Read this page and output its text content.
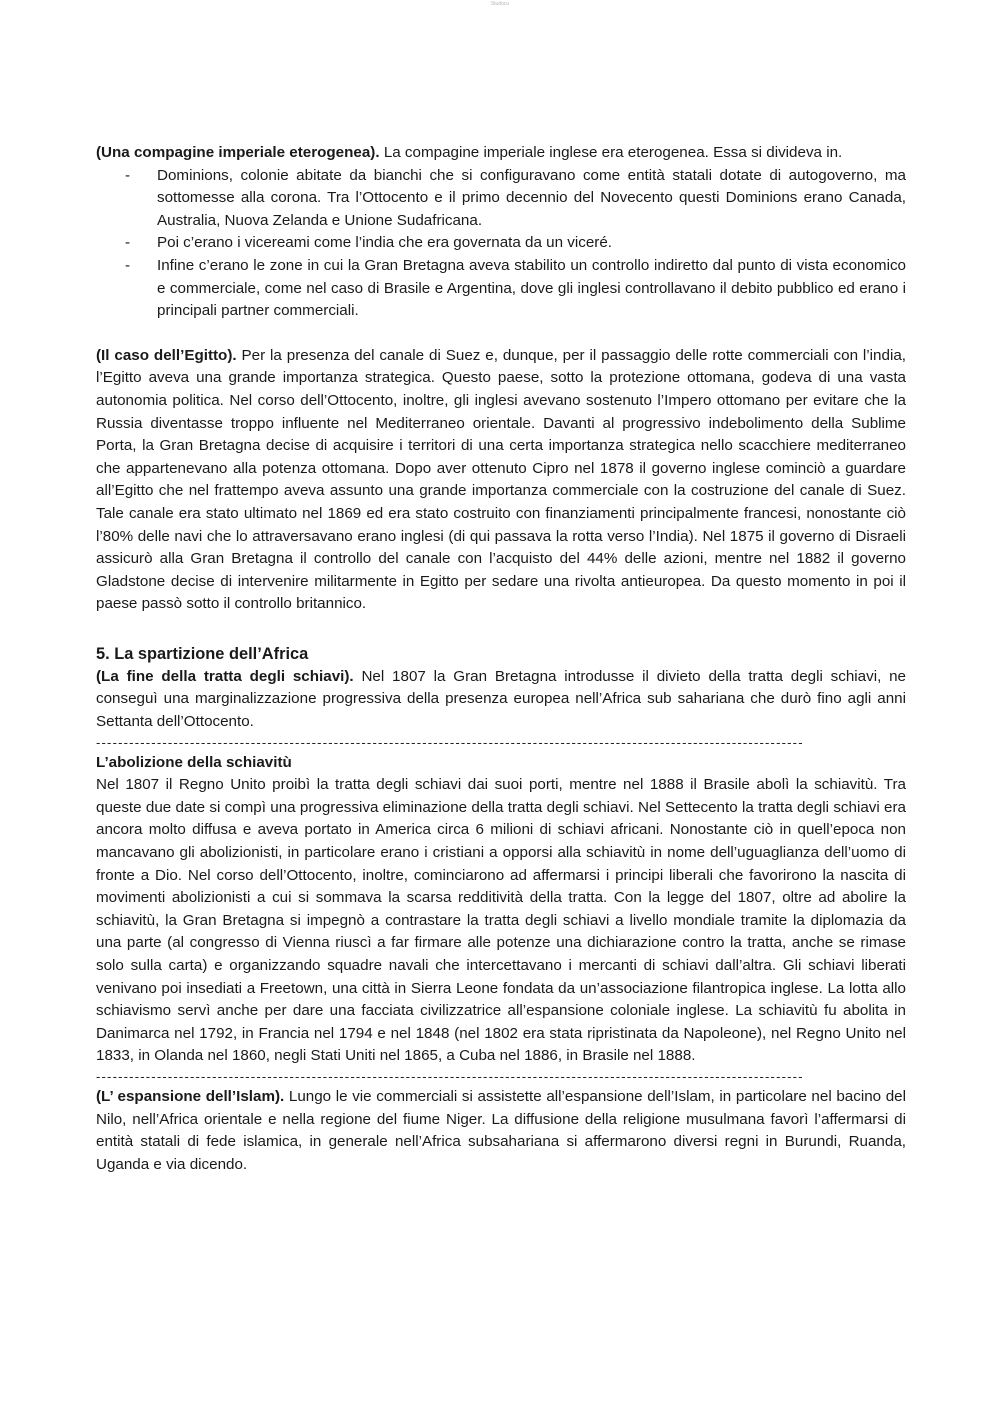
Studocu

(Una compagine imperiale eterogenea). La compagine imperiale inglese era eterogenea. Essa si divideva in.

- Dominions, colonie abitate da bianchi che si configuravano come entità statali dotate di autogoverno, ma sottomesse alla corona. Tra l’Ottocento e il primo decennio del Novecento questi Dominions erano Canada, Australia, Nuova Zelanda e Unione Sudafricana.
- Poi c’erano i vicereami come l’india che era governata da un viceré.
- Infine c’erano le zone in cui la Gran Bretagna aveva stabilito un controllo indiretto dal punto di vista economico e commerciale, come nel caso di Brasile e Argentina, dove gli inglesi controllavano il debito pubblico ed erano i principali partner commerciali.

(Il caso dell’Egitto). Per la presenza del canale di Suez e, dunque, per il passaggio delle rotte commerciali con l’india, l’Egitto aveva una grande importanza strategica. Questo paese, sotto la protezione ottomana, godeva di una vasta autonomia politica. Nel corso dell’Ottocento, inoltre, gli inglesi avevano sostenuto l’Impero ottomano per evitare che la Russia diventasse troppo influente nel Mediterraneo orientale. Davanti al progressivo indebolimento della Sublime Porta, la Gran Bretagna decise di acquisire i territori di una certa importanza strategica nello scacchiere mediterraneo che appartenevano alla potenza ottomana. Dopo aver ottenuto Cipro nel 1878 il governo inglese cominciò a guardare all’Egitto che nel frattempo aveva assunto una grande importanza commerciale con la costruzione del canale di Suez. Tale canale era stato ultimato nel 1869 ed era stato costruito con finanziamenti principalmente francesi, nonostante ciò l’80% delle navi che lo attraversavano erano inglesi (di qui passava la rotta verso l’India). Nel 1875 il governo di Disraeli assicurò alla Gran Bretagna il controllo del canale con l’acquisto del 44% delle azioni, mentre nel 1882 il governo Gladstone decise di intervenire militarmente in Egitto per sedare una rivolta antieuropea. Da questo momento in poi il paese passò sotto il controllo britannico.

5. La spartizione dell’Africa

(La fine della tratta degli schiavi). Nel 1807 la Gran Bretagna introdusse il divieto della tratta degli schiavi, ne conseguì una marginalizzazione progressiva della presenza europea nell’Africa sub sahariana che durò fino agli anni Settanta dell’Ottocento.

--------------------------------------------------------------------------------------------------------------------------------

L’abolizione della schiavitù

Nel 1807 il Regno Unito proibì la tratta degli schiavi dai suoi porti, mentre nel 1888 il Brasile abolì la schiavitù. Tra queste due date si compì una progressiva eliminazione della tratta degli schiavi. Nel Settecento la tratta degli schiavi era ancora molto diffusa e aveva portato in America circa 6 milioni di schiavi africani. Nonostante ciò in quell’epoca non mancavano gli abolizionisti, in particolare erano i cristiani a opporsi alla schiavitù in nome dell’uguaglianza dell’uomo di fronte a Dio. Nel corso dell’Ottocento, inoltre, cominciarono ad affermarsi i principi liberali che favorirono la nascita di movimenti abolizionisti a cui si sommava la scarsa redditività della tratta. Con la legge del 1807, oltre ad abolire la schiavitù, la Gran Bretagna si impegnò a contrastare la tratta degli schiavi a livello mondiale tramite la diplomazia da una parte (al congresso di Vienna riuscì a far firmare alle potenze una dichiarazione contro la tratta, anche se rimase solo sulla carta) e organizzando squadre navali che intercettavano i mercanti di schiavi dall’altra. Gli schiavi liberati venivano poi insediati a Freetown, una città in Sierra Leone fondata da un’associazione filantropica inglese. La lotta allo schiavismo servì anche per dare una facciata civilizzatrice all’espansione coloniale inglese. La schiavitù fu abolita in Danimarca nel 1792, in Francia nel 1794 e nel 1848 (nel 1802 era stata ripristinata da Napoleone), nel Regno Unito nel 1833, in Olanda nel 1860, negli Stati Uniti nel 1865, a Cuba nel 1886, in Brasile nel 1888.

--------------------------------------------------------------------------------------------------------------------------------

(L’ espansione dell’Islam). Lungo le vie commerciali si assistette all’espansione dell’Islam, in particolare nel bacino del Nilo, nell’Africa orientale e nella regione del fiume Niger. La diffusione della religione musulmana favorì l’affermarsi di entità statali di fede islamica, in generale nell’Africa subsahariana si affermarono diversi regni in Burundi, Ruanda, Uganda e via dicendo.
